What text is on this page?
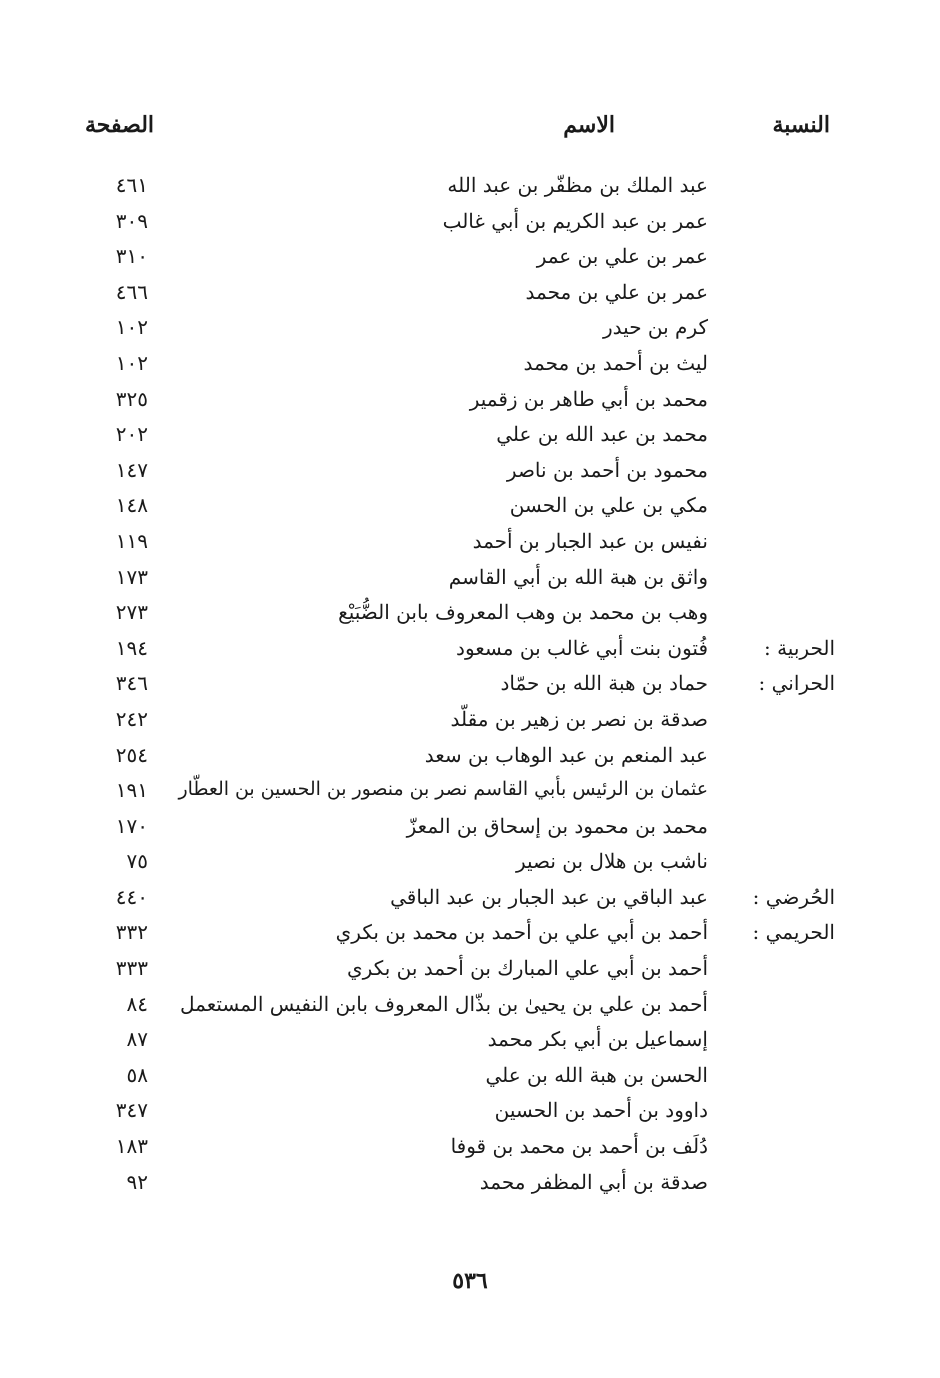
النسبة
الاسم
الصفحة
عبد الملك بن مظفّر بن عبد الله
٤٦١
عمر بن عبد الكريم بن أبي غالب
٣٠٩
عمر بن علي بن عمر
٣١٠
عمر بن علي بن محمد
٤٦٦
كرم بن حيدر
١٠٢
ليث بن أحمد بن محمد
١٠٢
محمد بن أبي طاهر بن زقمير
٣٢٥
محمد بن عبد الله بن علي
٢٠٢
محمود بن أحمد بن ناصر
١٤٧
مكي بن علي بن الحسن
١٤٨
نفيس بن عبد الجبار بن أحمد
١١٩
واثق بن هبة الله بن أبي القاسم
١٧٣
وهب بن محمد بن وهب المعروف بابن الضُّبَيْع
٢٧٣
الحربية :
فُتون بنت أبي غالب بن مسعود
١٩٤
الحراني :
حماد بن هبة الله بن حمّاد
٣٤٦
صدقة بن نصر بن زهير بن مقلّد
٢٤٢
عبد المنعم بن عبد الوهاب بن سعد
٢٥٤
عثمان بن الرئيس بأبي القاسم نصر بن منصور بن الحسين بن العطّار
١٩١
محمد بن محمود بن إسحاق بن المعزّ
١٧٠
ناشب بن هلال بن نصير
٧٥
الحُرضي :
عبد الباقي بن عبد الجبار بن عبد الباقي
٤٤٠
الحريمي :
أحمد بن أبي علي بن أحمد بن محمد بن بكري
٣٣٢
أحمد بن أبي علي المبارك بن أحمد بن بكري
٣٣٣
أحمد بن علي بن يحيىٰ بن بذّال المعروف بابن النفيس المستعمل
٨٤
إسماعيل بن أبي بكر محمد
٨٧
الحسن بن هبة الله بن علي
٥٨
داوود بن أحمد بن الحسين
٣٤٧
دُلَف بن أحمد بن محمد بن قوفا
١٨٣
صدقة بن أبي المظفر محمد
٩٢
٥٣٦
